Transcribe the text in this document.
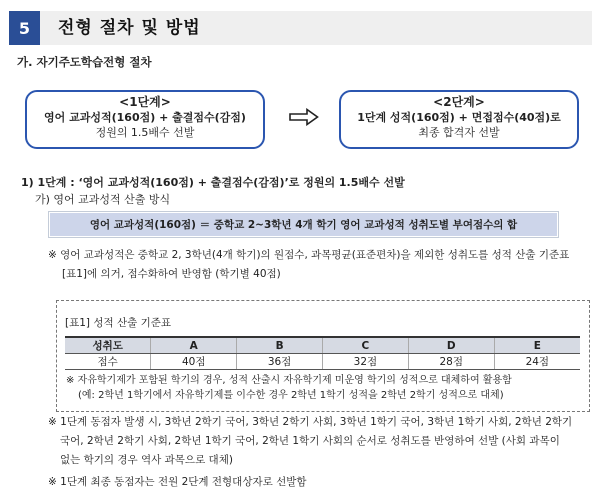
5	전형 절차 및 방법
가. 자기주도학습전형 절차
<1단계>
영어 교과성적(160점) + 출결점수(감점)
정원의 1.5배수 선발
<2단계>
1단계 성적(160점) + 면접점수(40점)로
최종 합격자 선발
1) 1단계 : ‘영어 교과성적(160점) + 출결점수(감점)’로 정원의 1.5배수 선발
가) 영어 교과성적 산출 방식
영어 교과성적(160점) ＝ 중학교 2~3학년 4개 학기 영어 교과성적 성취도별 부여점수의 합
※ 영어 교과성적은 중학교 2, 3학년(4개 학기)의 원점수, 과목평균(표준편차)을 제외한 성취도를 성적 산출 기준표
[표1]에 의거, 점수화하여 반영함 (학기별 40점)
[표1] 성적 산출 기준표
성취도	A	B	C	D	E
점수	40점	36점	32점	28점	24점
※ 자유학기제가 포함된 학기의 경우, 성적 산출시 자유학기제 미운영 학기의 성적으로 대체하여 활용함
(예: 2학년 1학기에서 자유학기제를 이수한 경우 2학년 1학기 성적을 2학년 2학기 성적으로 대체)
※ 1단계 동점자 발생 시, 3학년 2학기 국어, 3학년 2학기 사회, 3학년 1학기 국어, 3학년 1학기 사회, 2학년 2학기
국어, 2학년 2학기 사회, 2학년 1학기 국어, 2학년 1학기 사회의 순서로 성취도를 반영하여 선발 (사회 과목이
없는 학기의 경우 역사 과목으로 대체)
※ 1단계 최종 동점자는 전원 2단계 전형대상자로 선발함
